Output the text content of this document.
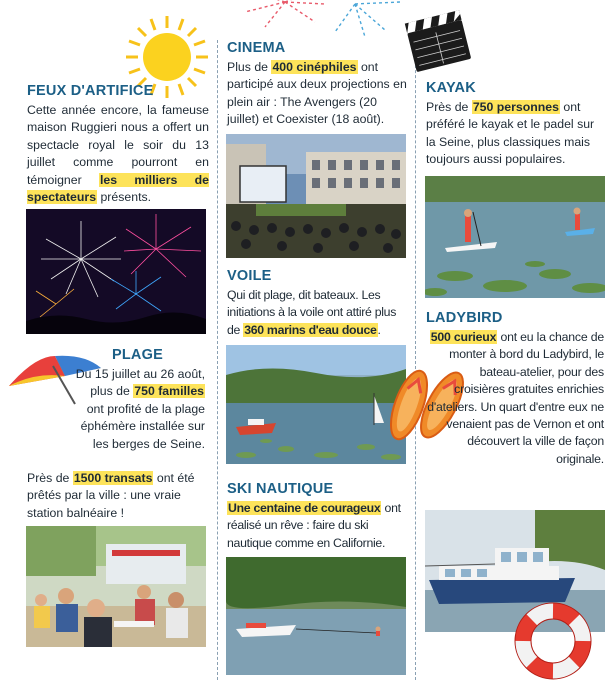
FEUX D'ARTIFICE
Cette année encore, la fameuse maison Ruggieri nous a offert un spectacle royal le soir du 13 juillet comme pourront en témoigner les milliers de spectateurs présents.
PLAGE
Du 15 juillet au 26 août, plus de 750 familles ont profité de la plage éphémère installée sur les berges de Seine.
Près de 1500 transats ont été prêtés par la ville : une vraie station balnéaire !
CINEMA
Plus de 400 cinéphiles ont participé aux deux projections en plein air : The Avengers (20 juillet) et Coexister (18 août).
VOILE
Qui dit plage, dit bateaux. Les initiations à la voile ont attiré plus de 360 marins d'eau douce.
SKI NAUTIQUE
Une centaine de courageux ont réalisé un rêve : faire du ski nautique comme en Californie.
KAYAK
Près de 750 personnes ont préféré le kayak et le padel sur la Seine, plus classiques mais toujours aussi populaires.
LADYBIRD
500 curieux ont eu la chance de monter à bord du Ladybird, le bateau-atelier, pour des croisières gratuites enrichies d'ateliers. Un quart d'entre eux ne venaient pas de Vernon et ont découvert la ville de façon originale.
